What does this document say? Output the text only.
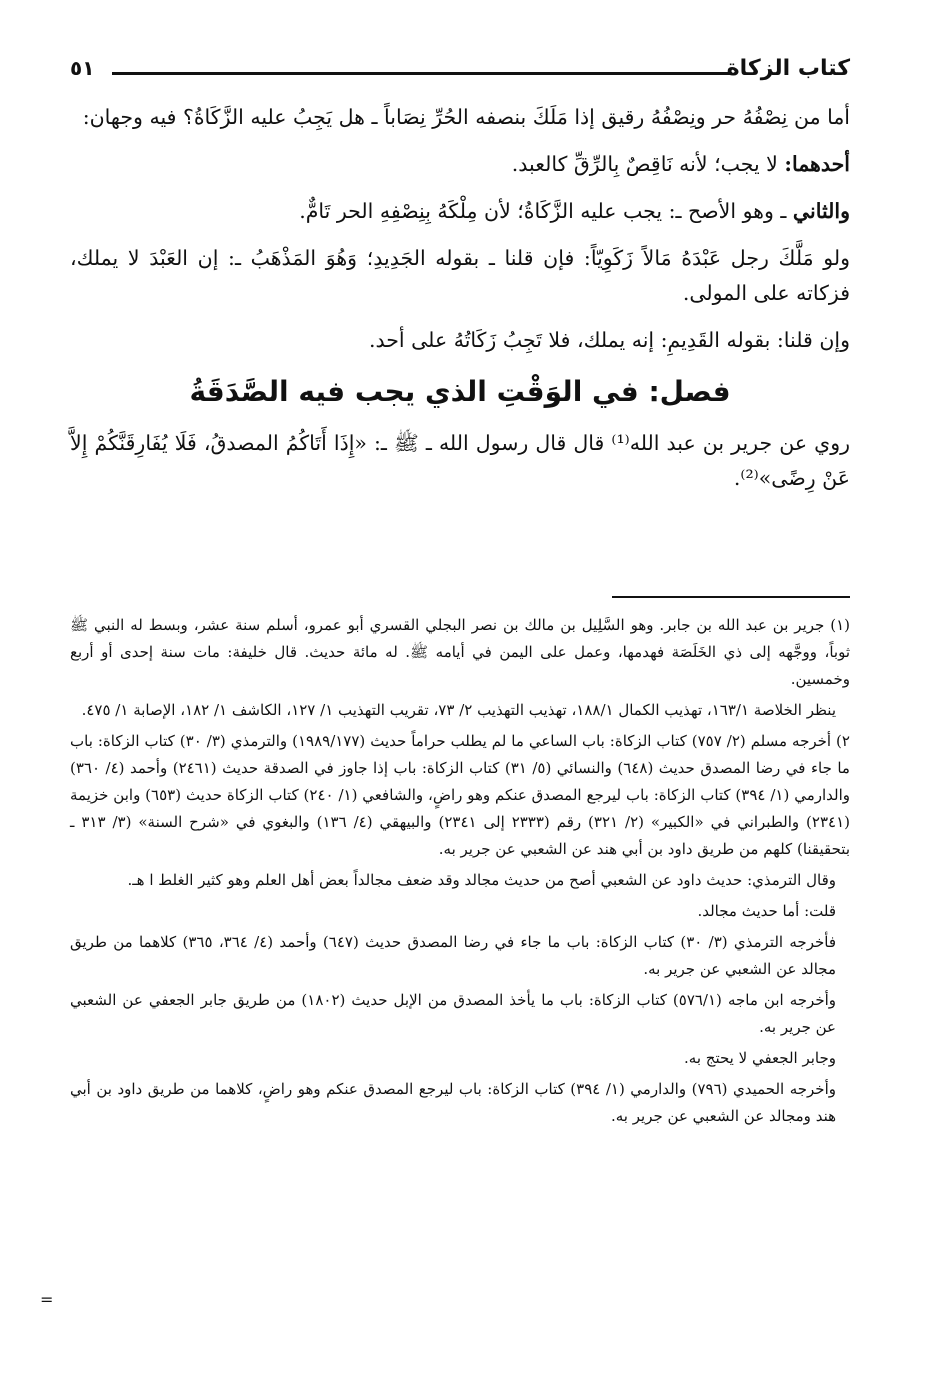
كتاب الزكاة
٥١

أما من نِصْفُهُ حر ونِصْفُهُ رقيق إذا مَلَكَ بنصفه الحُرِّ نِصَاباً ـ هل يَجِبُ عليه الزَّكَاةُ؟ فيه وجهان:

أحدهما: لا يجب؛ لأنه نَاقِصٌ بِالرِّقِّ كالعبد.

والثاني ـ وهو الأصح ـ: يجب عليه الزَّكَاةُ؛ لأن مِلْكَهُ بِنِصْفِهِ الحر تَامٌّ.

ولو مَلَّكَ رجل عَبْدَهُ مَالاً زَكَوِيّاً: فإن قلنا ـ بقوله الجَدِيدِ؛ وَهُوَ المَذْهَبُ ـ: إن العَبْدَ لا يملك، فزكاته على المولى.

وإن قلنا: بقوله القَدِيمِ: إنه يملك، فلا تَجِبُ زَكَاتُهُ على أحد.

فصل: في الوَقْتِ الذي يجب فيه الصَّدَقَةُ

روي عن جرير بن عبد الله⁽¹⁾ قال قال رسول الله ـ ﷺ ـ: «إِذَا أَتَاكُمُ المصدقُ، فَلَا يُفَارِقَنَّكُمْ إِلاَّ عَنْ رِضًى»⁽²⁾.

(١) جرير بن عبد الله بن جابر. وهو السَّلِيل بن مالك بن نصر البجلي القسري أبو عمرو، أسلم سنة عشر، وبسط له النبي ﷺ ثوباً، ووجَّهه إلى ذي الخَلَصَة فهدمها، وعمل على اليمن في أيامه ﷺ. له مائة حديث. قال خليفة: مات سنة إحدى أو أربع وخمسين.

ينظر الخلاصة ١٦٣/١، تهذيب الكمال ١٨٨/١، تهذيب التهذيب ٢/ ٧٣، تقريب التهذيب ١/ ١٢٧، الكاشف ١/ ١٨٢، الإصابة ١/ ٤٧٥.

٢) أخرجه مسلم (٢/ ٧٥٧) كتاب الزكاة: باب الساعي ما لم يطلب حراماً حديث (١٩٨٩/١٧٧) والترمذي (٣/ ٣٠) كتاب الزكاة: باب ما جاء في رضا المصدق حديث (٦٤٨) والنسائي (٥/ ٣١) كتاب الزكاة: باب إذا جاوز في الصدقة حديث (٢٤٦١) وأحمد (٤/ ٣٦٠) والدارمي (١/ ٣٩٤) كتاب الزكاة: باب ليرجع المصدق عنكم وهو راضٍ، والشافعي (١/ ٢٤٠) كتاب الزكاة حديث (٦٥٣) وابن خزيمة (٢٣٤١) والطبراني في «الكبير» (٢/ ٣٢١) رقم (٢٣٣٣ إلى ٢٣٤١) والبيهقي (٤/ ١٣٦) والبغوي في «شرح السنة» (٣/ ٣١٣ ـ بتحقيقنا) كلهم من طريق داود بن أبي هند عن الشعبي عن جرير به.

وقال الترمذي: حديث داود عن الشعبي أصح من حديث مجالد وقد ضعف مجالداً بعض أهل العلم وهو كثير الغلط ا هـ.

قلت: أما حديث مجالد.

فأخرجه الترمذي (٣/ ٣٠) كتاب الزكاة: باب ما جاء في رضا المصدق حديث (٦٤٧) وأحمد (٤/ ٣٦٤، ٣٦٥) كلاهما من طريق مجالد عن الشعبي عن جرير به.

وأخرجه ابن ماجه (٥٧٦/١) كتاب الزكاة: باب ما يأخذ المصدق من الإبل حديث (١٨٠٢) من طريق جابر الجعفي عن الشعبي عن جرير به.

وجابر الجعفي لا يحتج به.

وأخرجه الحميدي (٧٩٦) والدارمي (١/ ٣٩٤) كتاب الزكاة: باب ليرجع المصدق عنكم وهو راضٍ، كلاهما من طريق داود بن أبي هند ومجالد عن الشعبي عن جرير به.

=
